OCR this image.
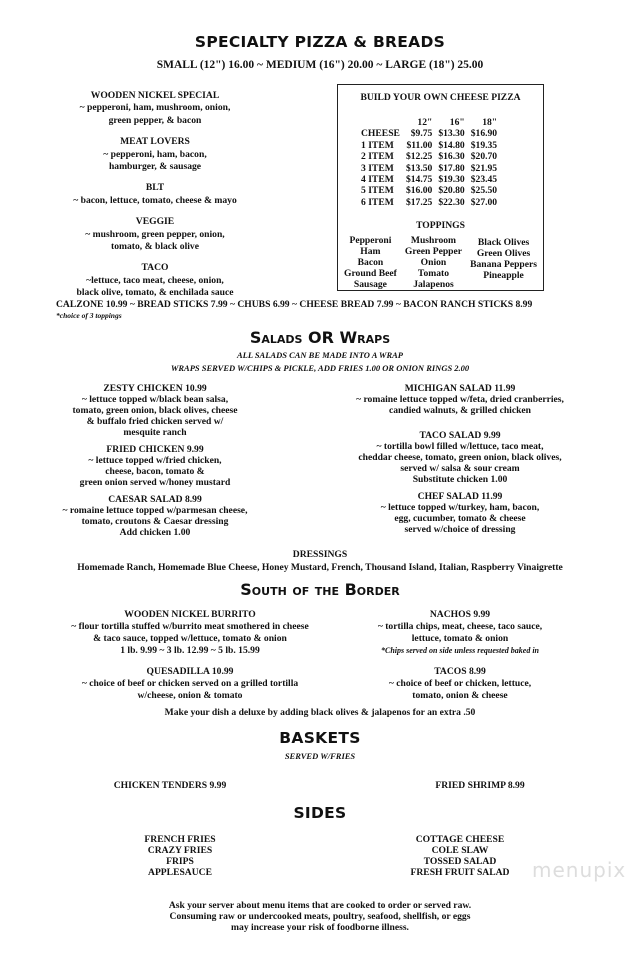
SPECIALTY PIZZA & BREADS
SMALL (12") 16.00 ~ MEDIUM (16") 20.00 ~ LARGE (18") 25.00
WOODEN NICKEL SPECIAL
~ pepperoni, ham, mushroom, onion,
green pepper, & bacon
MEAT LOVERS
~ pepperoni, ham, bacon,
hamburger, & sausage
BLT
~ bacon, lettuce, tomato, cheese & mayo
VEGGIE
~ mushroom, green pepper, onion,
tomato, & black olive
TACO
~lettuce, taco meat, cheese, onion,
black olive, tomato, & enchilada sauce
BUILD YOUR OWN CHEESE PIZZA
	12"	16"	18"
CHEESE	$9.75	$13.30	$16.90
1 ITEM	$11.00	$14.80	$19.35
2 ITEM	$12.25	$16.30	$20.70
3 ITEM	$13.50	$17.80	$21.95
4 ITEM	$14.75	$19.30	$23.45
5 ITEM	$16.00	$20.80	$25.50
6 ITEM	$17.25	$22.30	$27.00
TOPPINGS
Pepperoni
Ham
Bacon
Ground Beef
Sausage
Mushroom
Green Pepper
Onion
Tomato
Jalapenos
Black Olives
Green Olives
Banana Peppers
Pineapple
CALZONE 10.99 ~ BREAD STICKS 7.99 ~ CHUBS 6.99 ~ CHEESE BREAD 7.99 ~ BACON RANCH STICKS 8.99
*choice of 3 toppings
Salads OR Wraps
ALL SALADS CAN BE MADE INTO A WRAP
WRAPS SERVED W/CHIPS & PICKLE, ADD FRIES 1.00 OR ONION RINGS 2.00
ZESTY CHICKEN 10.99
~ lettuce topped w/black bean salsa,
tomato, green onion, black olives, cheese
& buffalo fried chicken served w/
mesquite ranch
FRIED CHICKEN 9.99
~ lettuce topped w/fried chicken,
cheese, bacon, tomato &
green onion served w/honey mustard
CAESAR SALAD 8.99
~ romaine lettuce topped w/parmesan cheese,
tomato, croutons & Caesar dressing
Add chicken 1.00
MICHIGAN SALAD 11.99
~ romaine lettuce topped w/feta, dried cranberries,
candied walnuts, & grilled chicken
TACO SALAD 9.99
~ tortilla bowl filled w/lettuce, taco meat,
cheddar cheese, tomato, green onion, black olives,
served w/ salsa & sour cream
Substitute chicken 1.00
CHEF SALAD 11.99
~ lettuce topped w/turkey, ham, bacon,
egg, cucumber, tomato & cheese
served w/choice of dressing
DRESSINGS
Homemade Ranch, Homemade Blue Cheese, Honey Mustard, French, Thousand Island, Italian, Raspberry Vinaigrette
South of the Border
WOODEN NICKEL BURRITO
~ flour tortilla stuffed w/burrito meat smothered in cheese
& taco sauce, topped w/lettuce, tomato & onion
1 lb. 9.99 ~ 3 lb. 12.99 ~ 5 lb. 15.99
QUESADILLA 10.99
~ choice of beef or chicken served on a grilled tortilla
w/cheese, onion & tomato
NACHOS 9.99
~ tortilla chips, meat, cheese, taco sauce,
lettuce, tomato & onion
*Chips served on side unless requested baked in
TACOS 8.99
~ choice of beef or chicken, lettuce,
tomato, onion & cheese
Make your dish a deluxe by adding black olives & jalapenos for an extra .50
BASKETS
SERVED W/FRIES
CHICKEN TENDERS 9.99	FRIED SHRIMP 8.99
SIDES
FRENCH FRIES
CRAZY FRIES
FRIPS
APPLESAUCE
COTTAGE CHEESE
COLE SLAW
TOSSED SALAD
FRESH FRUIT SALAD	menupix
Ask your server about menu items that are cooked to order or served raw.
Consuming raw or undercooked meats, poultry, seafood, shellfish, or eggs
may increase your risk of foodborne illness.
